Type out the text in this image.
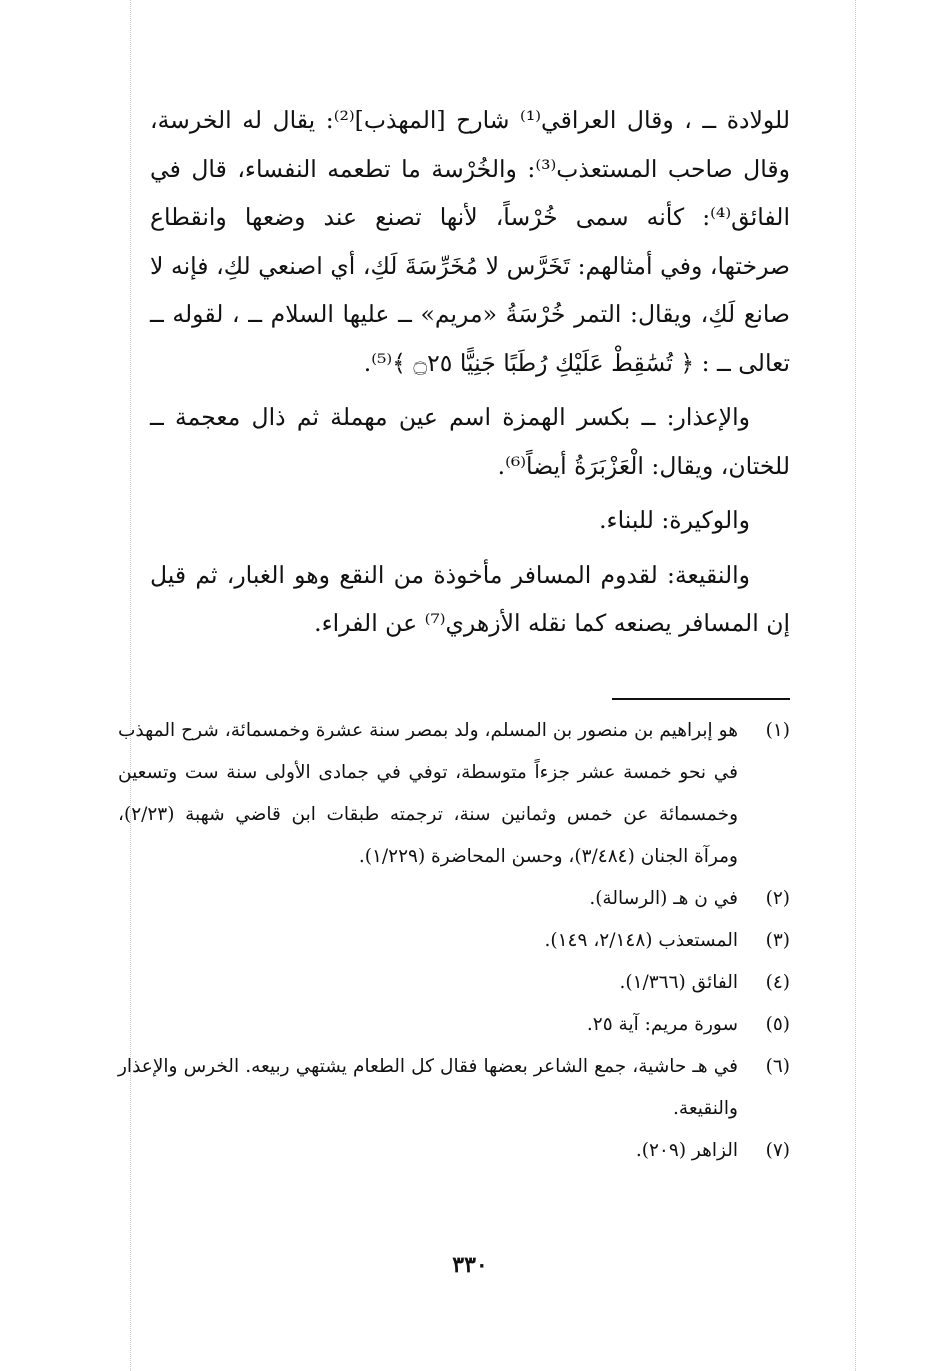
للولادة ــ ، وقال العراقي⁽¹⁾ شارح [المهذب]⁽²⁾: يقال له الخرسة، وقال صاحب المستعذب⁽³⁾: والخُرْسة ما تطعمه النفساء، قال في الفائق⁽⁴⁾: كأنه سمى خُرْساً، لأنها تصنع عند وضعها وانقطاع صرختها، وفي أمثالهم: تَخَرَّس لا مُخَرِّسَةَ لَكِ، أي اصنعي لكِ، فإنه لا صانع لَكِ، ويقال: التمر خُرْسَةُ «مريم» ــ عليها السلام ــ ، لقوله ــ تعالى ــ : ﴿ تُسَٰقِطْ عَلَيْكِ رُطَبًا جَنِيًّا ۝٢٥ ﴾⁽⁵⁾.

والإعذار: ــ بكسر الهمزة اسم عين مهملة ثم ذال معجمة ــ للختان، ويقال: الْعَزْبَرَةُ أيضاً⁽⁶⁾.

والوكيرة: للبناء.

والنقيعة: لقدوم المسافر مأخوذة من النقع وهو الغبار، ثم قيل إن المسافر يصنعه كما نقله الأزهري⁽⁷⁾ عن الفراء.

(١)
هو إبراهيم بن منصور بن المسلم، ولد بمصر سنة عشرة وخمسمائة، شرح المهذب في نحو خمسة عشر جزءاً متوسطة، توفي في جمادى الأولى سنة ست وتسعين وخمسمائة عن خمس وثمانين سنة، ترجمته طبقات ابن قاضي شهبة (٢/٢٣)، ومرآة الجنان (٣/٤٨٤)، وحسن المحاضرة (١/٢٢٩).
(٢)
في ن هـ (الرسالة).
(٣)
المستعذب (٢/١٤٨، ١٤٩).
(٤)
الفائق (١/٣٦٦).
(٥)
سورة مريم: آية ٢٥.
(٦)
في هـ حاشية، جمع الشاعر بعضها فقال كل الطعام يشتهي ربيعه. الخرس والإعذار والنقيعة.
(٧)
الزاهر (٢٠٩).
٣٣٠
